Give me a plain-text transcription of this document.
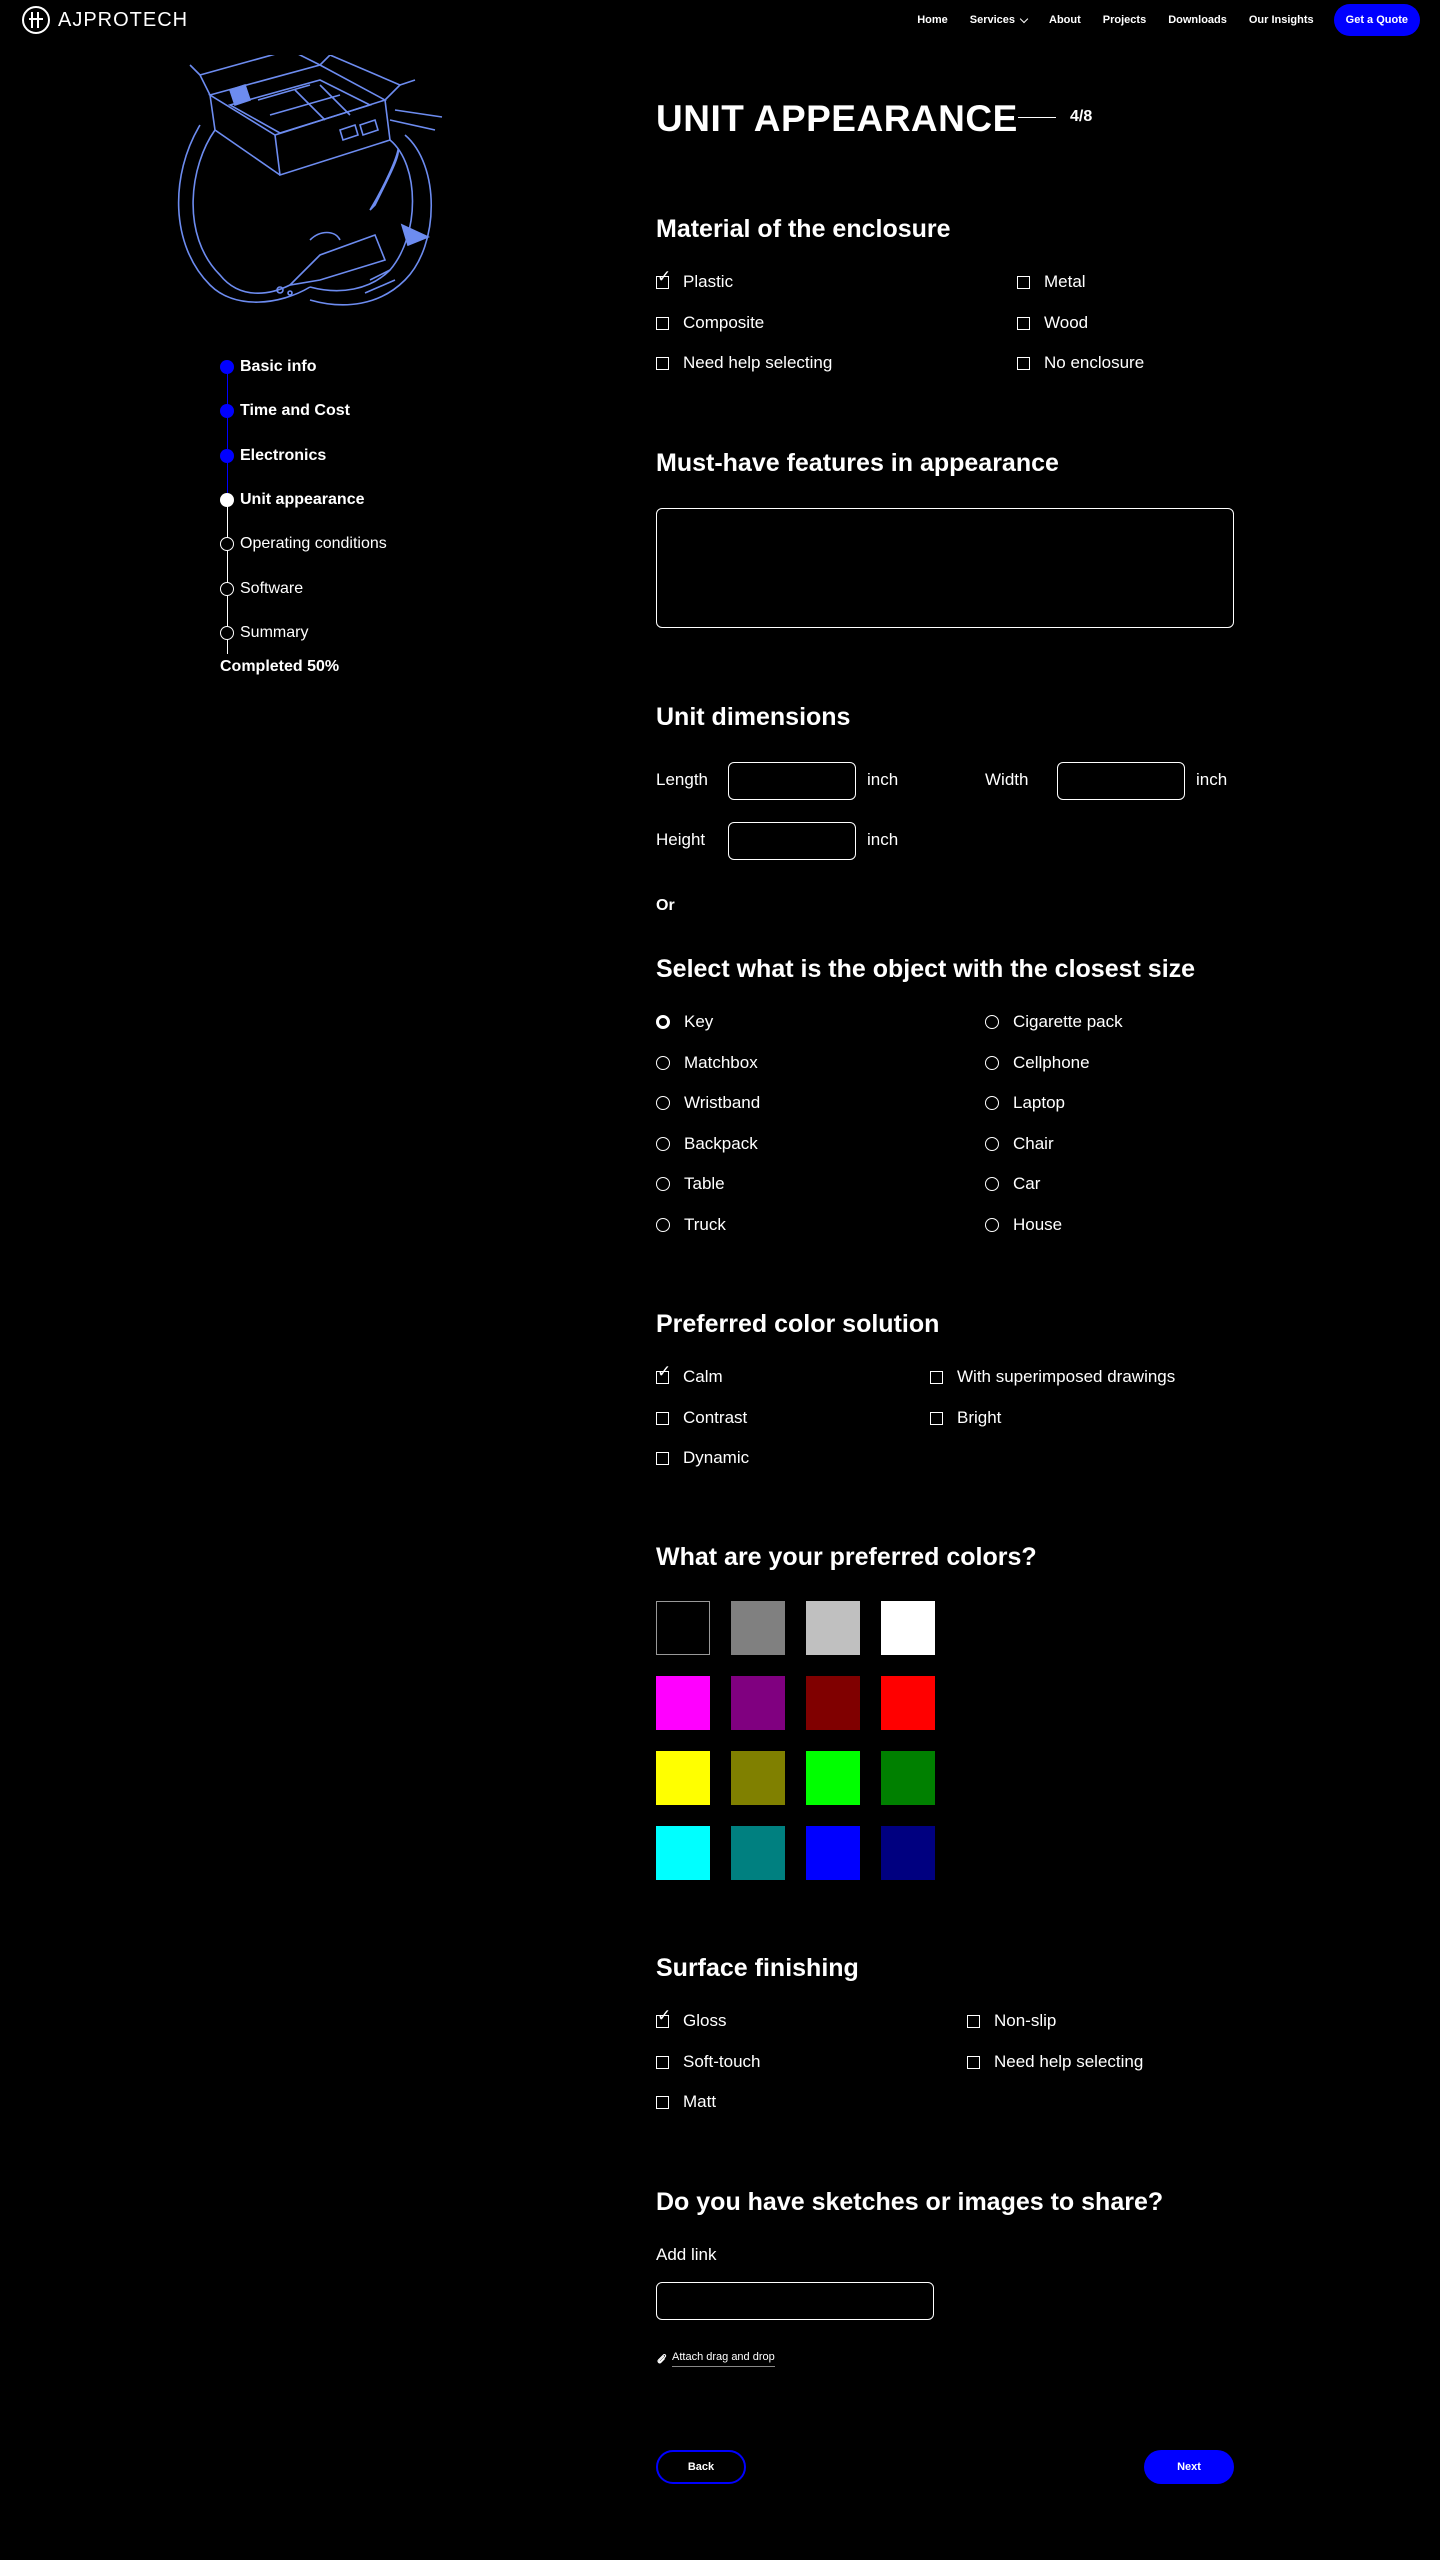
AJPROTECH	Home Services	About Projects Downloads Our Insights	Get a Quote
Basic info
Time and Cost
Electronics
Unit appearance
Operating conditions
Software
Summary
Completed 50%
UNIT APPEARANCE	4/8
Material of the enclosure
✓
Plastic	Metal
Composite	Wood
Need help selecting	No enclosure
Must-have features in appearance
Unit dimensions
Length	inch	Width	inch
Height	inch
Or
Select what is the object with the closest size
Key	Cigarette pack
Matchbox	Cellphone
Wristband	Laptop
Backpack	Chair
Table	Car
Truck	House
Preferred color solution
✓
Calm	With superimposed drawings
Contrast	Bright
Dynamic
What are your preferred colors?
Surface finishing
✓
Gloss	Non-slip
Soft-touch	Need help selecting
Matt
Do you have sketches or images to share?
Add link
Attach drag and drop
Back	Next
